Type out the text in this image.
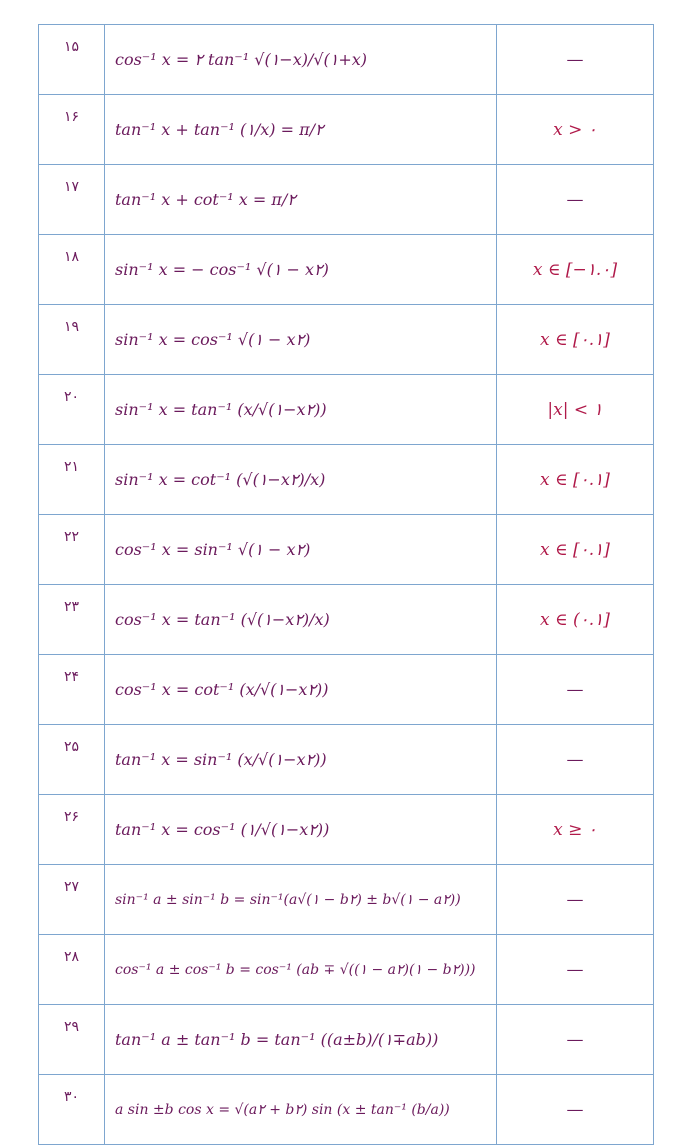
۱۵	cos⁻¹ x = ۲ tan⁻¹ √(۱−x)/√(۱+x)	—
۱۶	tan⁻¹ x + tan⁻¹ (۱/x) = π/۲	x > ۰
۱۷	tan⁻¹ x + cot⁻¹ x = π/۲	—
۱۸	sin⁻¹ x = − cos⁻¹ √(۱ − x۲)	x ∈ [−۱.۰]
۱۹	sin⁻¹ x = cos⁻¹ √(۱ − x۲)	x ∈ [۰.۱]
۲۰	sin⁻¹ x = tan⁻¹ (x/√(۱−x۲))	|x| < ۱
۲۱	sin⁻¹ x = cot⁻¹ (√(۱−x۲)/x)	x ∈ [۰.۱]
۲۲	cos⁻¹ x = sin⁻¹ √(۱ − x۲)	x ∈ [۰.۱]
۲۳	cos⁻¹ x = tan⁻¹ (√(۱−x۲)/x)	x ∈ (۰.۱]
۲۴	cos⁻¹ x = cot⁻¹ (x/√(۱−x۲))	—
۲۵	tan⁻¹ x = sin⁻¹ (x/√(۱−x۲))	—
۲۶	tan⁻¹ x = cos⁻¹ (۱/√(۱−x۲))	x ≥ ۰
۲۷	sin⁻¹ a ± sin⁻¹ b = sin⁻¹(a√(۱ − b۲) ± b√(۱ − a۲))	—
۲۸	cos⁻¹ a ± cos⁻¹ b = cos⁻¹ (ab ∓ √((۱ − a۲)(۱ − b۲)))	—
۲۹	tan⁻¹ a ± tan⁻¹ b = tan⁻¹ ((a±b)/(۱∓ab))	—
۳۰	a sin ±b cos x = √(a۲ + b۲) sin (x ± tan⁻¹ (b/a))	—
